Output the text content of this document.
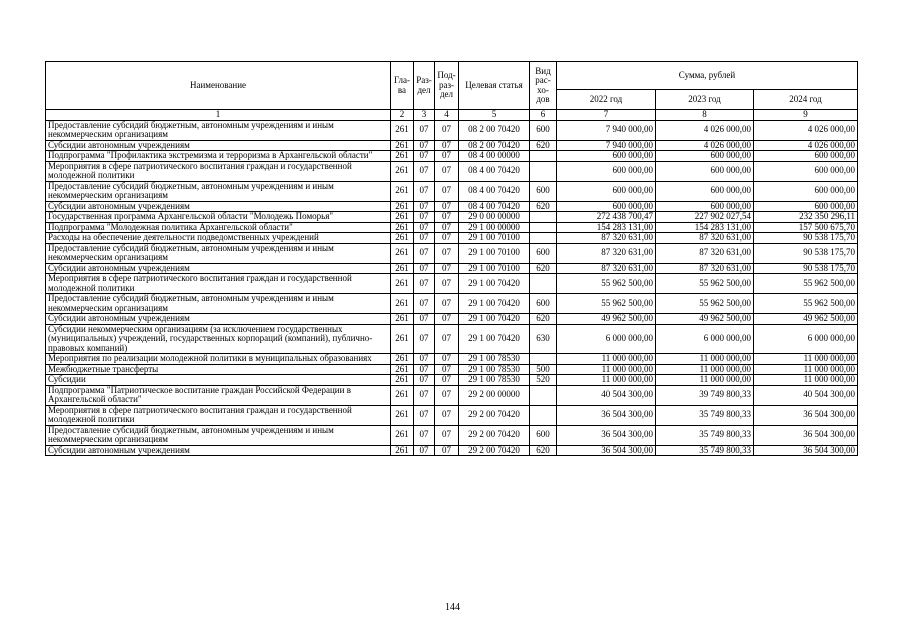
Наименование	Гла-ва	Раз-дел	Под-раз-дел	Целевая статья	Вид рас-хо-дов	Сумма, рублей		
						2022 год	2023 год	2024 год
1	2	3	4	5	6	7	8	9
Предоставление субсидий бюджетным, автономным учреждениям и иным некоммерческим организациям	261	07	07	08 2 00 70420	600	7 940 000,00	4 026 000,00	4 026 000,00
Субсидии автономным учреждениям	261	07	07	08 2 00 70420	620	7 940 000,00	4 026 000,00	4 026 000,00
Подпрограмма "Профилактика экстремизма и терроризма в Архангельской области"	261	07	07	08 4 00 00000		600 000,00	600 000,00	600 000,00
Мероприятия в сфере патриотического воспитания граждан и государственной молодежной политики	261	07	07	08 4 00 70420		600 000,00	600 000,00	600 000,00
Предоставление субсидий бюджетным, автономным учреждениям и иным некоммерческим организациям	261	07	07	08 4 00 70420	600	600 000,00	600 000,00	600 000,00
Субсидии автономным учреждениям	261	07	07	08 4 00 70420	620	600 000,00	600 000,00	600 000,00
Государственная программа Архангельской области "Молодежь Поморья"	261	07	07	29 0 00 00000		272 438 700,47	227 902 027,54	232 350 296,11
Подпрограмма "Молодежная политика Архангельской области"	261	07	07	29 1 00 00000		154 283 131,00	154 283 131,00	157 500 675,70
Расходы на обеспечение деятельности подведомственных учреждений	261	07	07	29 1 00 70100		87 320 631,00	87 320 631,00	90 538 175,70
Предоставление субсидий бюджетным, автономным учреждениям и иным некоммерческим организациям	261	07	07	29 1 00 70100	600	87 320 631,00	87 320 631,00	90 538 175,70
Субсидии автономным учреждениям	261	07	07	29 1 00 70100	620	87 320 631,00	87 320 631,00	90 538 175,70
Мероприятия в сфере патриотического воспитания граждан и государственной молодежной политики	261	07	07	29 1 00 70420		55 962 500,00	55 962 500,00	55 962 500,00
Предоставление субсидий бюджетным, автономным учреждениям и иным некоммерческим организациям	261	07	07	29 1 00 70420	600	55 962 500,00	55 962 500,00	55 962 500,00
Субсидии автономным учреждениям	261	07	07	29 1 00 70420	620	49 962 500,00	49 962 500,00	49 962 500,00
Субсидии некоммерческим организациям (за исключением государственных (муниципальных) учреждений, государственных корпораций (компаний), публично-правовых компаний)	261	07	07	29 1 00 70420	630	6 000 000,00	6 000 000,00	6 000 000,00
Мероприятия по реализации молодежной политики в муниципальных образованиях	261	07	07	29 1 00 78530		11 000 000,00	11 000 000,00	11 000 000,00
Межбюджетные трансферты	261	07	07	29 1 00 78530	500	11 000 000,00	11 000 000,00	11 000 000,00
Субсидии	261	07	07	29 1 00 78530	520	11 000 000,00	11 000 000,00	11 000 000,00
Подпрограмма "Патриотическое воспитание граждан Российской Федерации в Архангельской области"	261	07	07	29 2 00 00000		40 504 300,00	39 749 800,33	40 504 300,00
Мероприятия в сфере патриотического воспитания граждан и государственной молодежной политики	261	07	07	29 2 00 70420		36 504 300,00	35 749 800,33	36 504 300,00
Предоставление субсидий бюджетным, автономным учреждениям и иным некоммерческим организациям	261	07	07	29 2 00 70420	600	36 504 300,00	35 749 800,33	36 504 300,00
Субсидии автономным учреждениям	261	07	07	29 2 00 70420	620	36 504 300,00	35 749 800,33	36 504 300,00
144
